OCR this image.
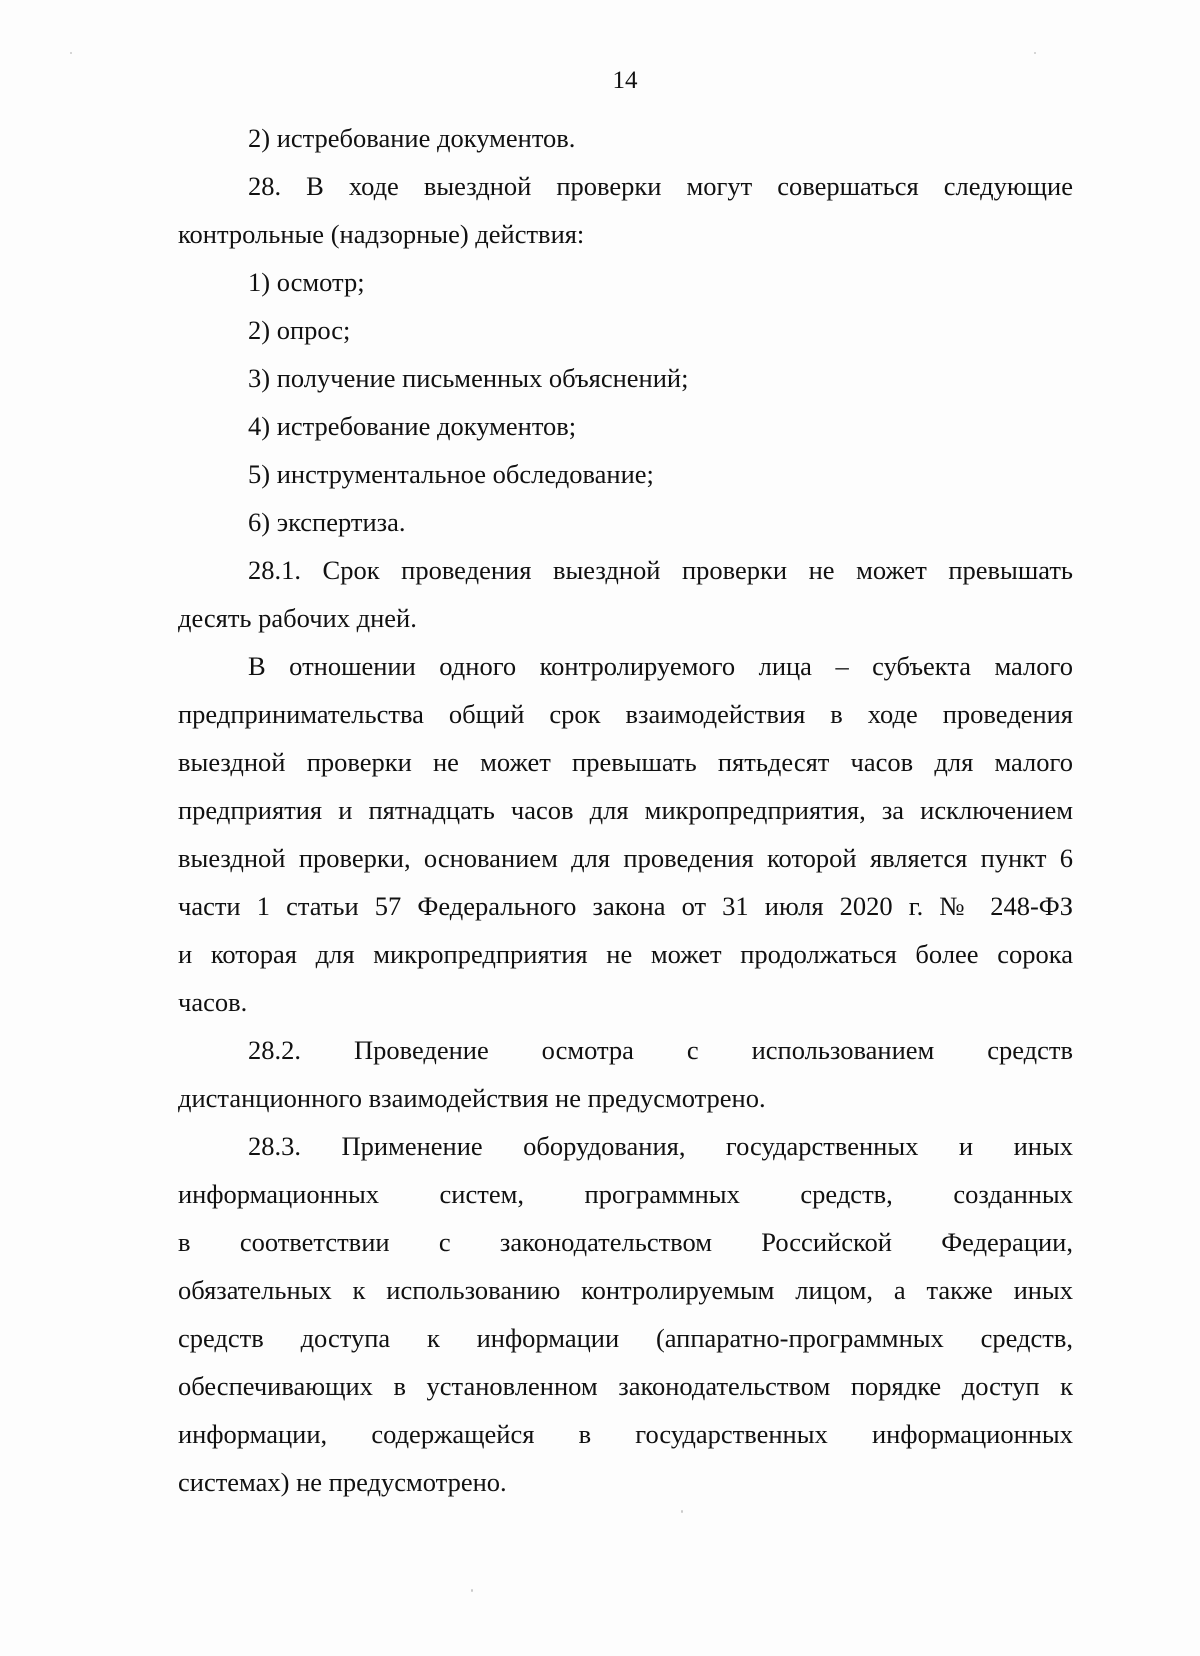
14
2) истребование документов.
28. В ходе выездной проверки могут совершаться следующие
контрольные (надзорные) действия:
1) осмотр;
2) опрос;
3) получение письменных объяснений;
4) истребование документов;
5) инструментальное обследование;
6) экспертиза.
28.1. Срок проведения выездной проверки не может превышать
десять рабочих дней.
В отношении одного контролируемого лица – субъекта малого
предпринимательства общий срок взаимодействия в ходе проведения
выездной проверки не может превышать пятьдесят часов для малого
предприятия и пятнадцать часов для микропредприятия, за исключением
выездной проверки, основанием для проведения которой является пункт 6
части 1 статьи 57 Федерального закона от 31 июля 2020 г. № 248-ФЗ
и которая для микропредприятия не может продолжаться более сорока
часов.
28.2. Проведение осмотра с использованием средств
дистанционного взаимодействия не предусмотрено.
28.3. Применение оборудования, государственных и иных
информационных систем, программных средств, созданных
в соответствии с законодательством Российской Федерации,
обязательных к использованию контролируемым лицом, а также иных
средств доступа к информации (аппаратно-программных средств,
обеспечивающих в установленном законодательством порядке доступ к
информации, содержащейся в государственных информационных
системах) не предусмотрено.
